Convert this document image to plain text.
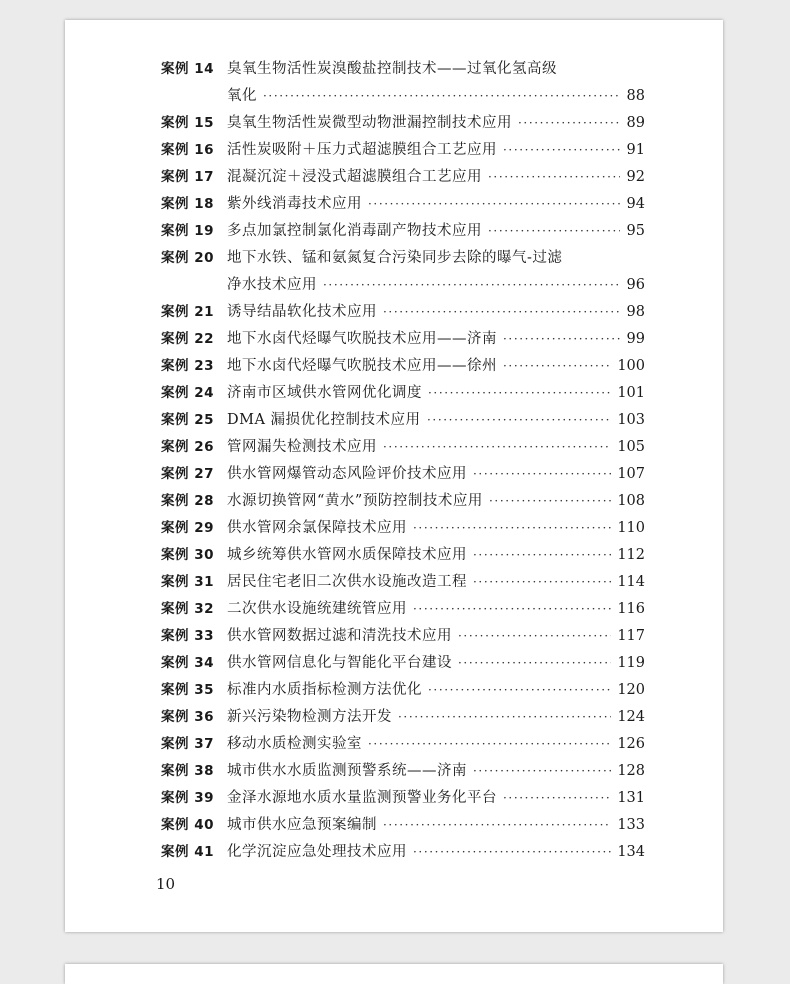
案例 14 臭氧生物活性炭溴酸盐控制技术——过氧化氢高级
氧化 ·····	88
案例 15 臭氧生物活性炭微型动物泄漏控制技术应用 ·····	89
案例 16 活性炭吸附＋压力式超滤膜组合工艺应用 ·····	91
案例 17 混凝沉淀＋浸没式超滤膜组合工艺应用 ·····	92
案例 18 紫外线消毒技术应用 ·····	94
案例 19 多点加氯控制氯化消毒副产物技术应用 ·····	95
案例 20 地下水铁、锰和氨氮复合污染同步去除的曝气-过滤
净水技术应用 ·····	96
案例 21 诱导结晶软化技术应用 ·····	98
案例 22 地下水卤代烃曝气吹脱技术应用——济南 ·····	99
案例 23 地下水卤代烃曝气吹脱技术应用——徐州 ·····	100
案例 24 济南市区域供水管网优化调度 ·····	101
案例 25 DMA 漏损优化控制技术应用 ·····	103
案例 26 管网漏失检测技术应用 ·····	105
案例 27 供水管网爆管动态风险评价技术应用 ·····	107
案例 28 水源切换管网“黄水”预防控制技术应用 ·····	108
案例 29 供水管网余氯保障技术应用 ·····	110
案例 30 城乡统筹供水管网水质保障技术应用 ·····	112
案例 31 居民住宅老旧二次供水设施改造工程 ·····	114
案例 32 二次供水设施统建统管应用 ·····	116
案例 33 供水管网数据过滤和清洗技术应用 ·····	117
案例 34 供水管网信息化与智能化平台建设 ·····	119
案例 35 标准内水质指标检测方法优化 ·····	120
案例 36 新兴污染物检测方法开发 ·····	124
案例 37 移动水质检测实验室 ·····	126
案例 38 城市供水水质监测预警系统——济南 ·····	128
案例 39 金泽水源地水质水量监测预警业务化平台 ·····	131
案例 40 城市供水应急预案编制 ·····	133
案例 41 化学沉淀应急处理技术应用 ·····	134
10
